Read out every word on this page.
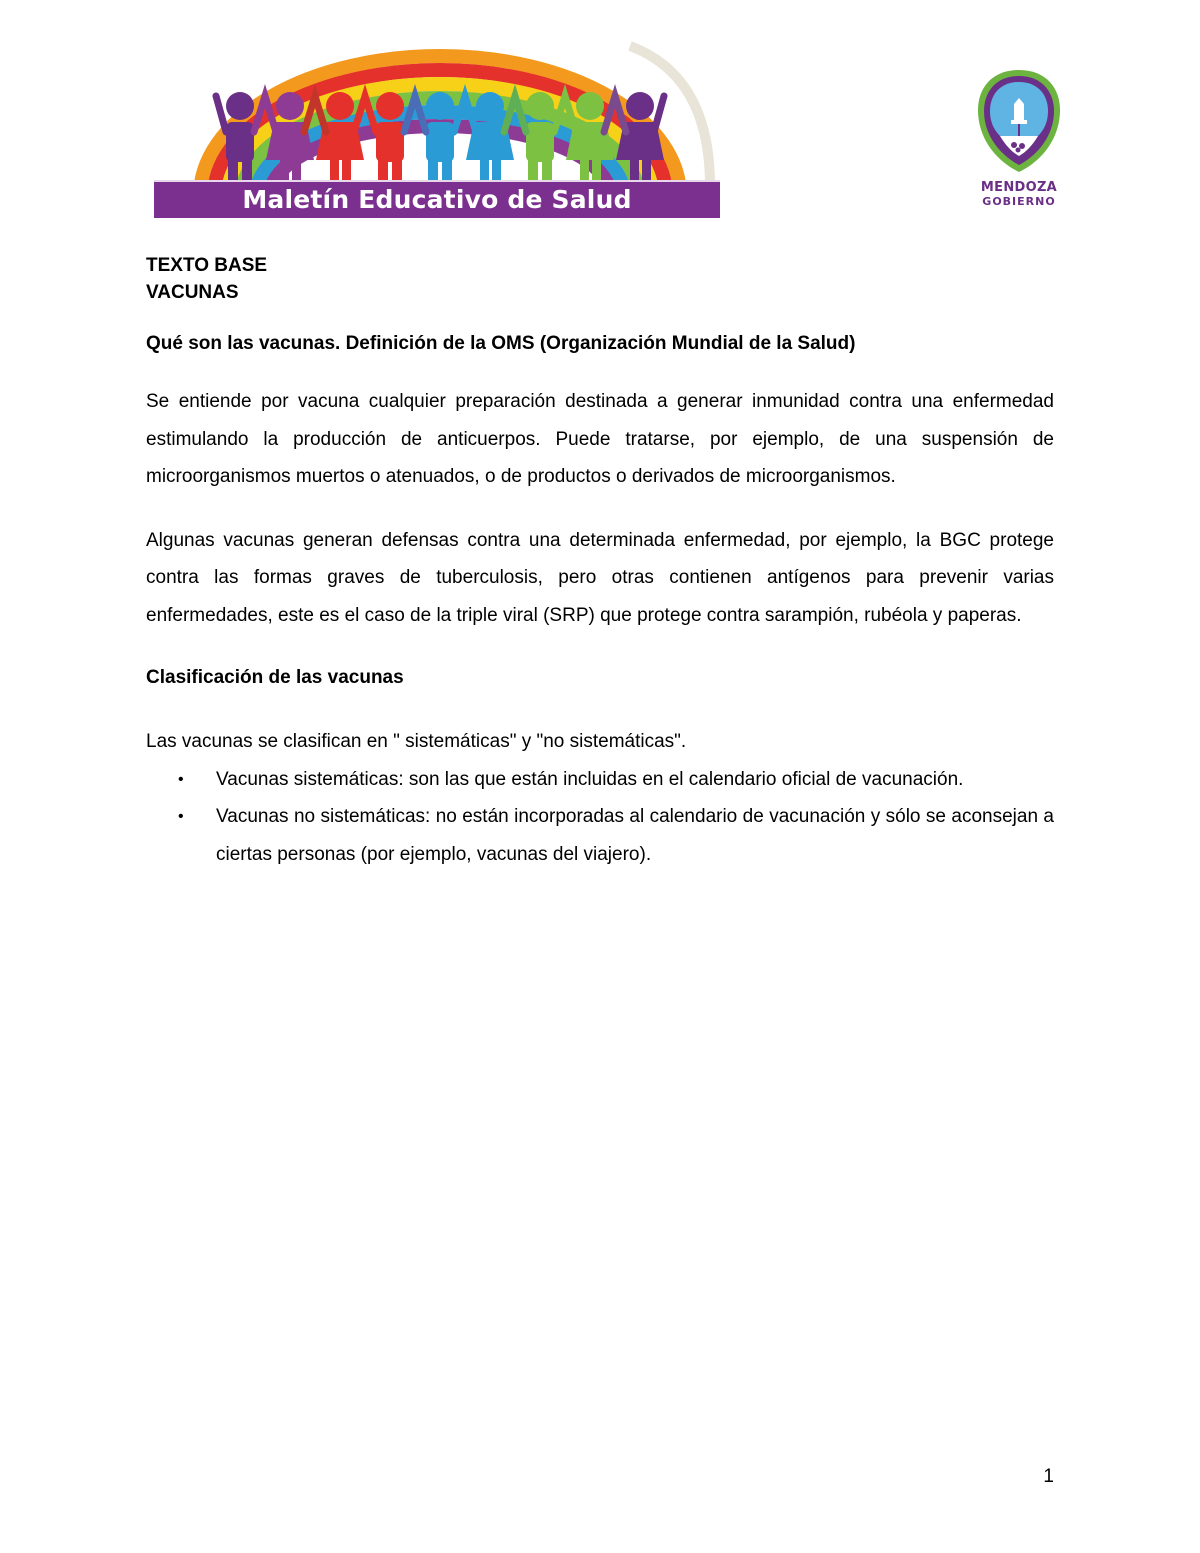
Maletín Educativo de Salud	MENDOZA
GOBIERNO

TEXTO BASE

VACUNAS

Qué son las vacunas. Definición de la OMS (Organización Mundial de la Salud)

Se entiende por vacuna cualquier preparación destinada a generar inmunidad contra una enfermedad estimulando la producción de anticuerpos. Puede tratarse, por ejemplo, de una suspensión de microorganismos muertos o atenuados, o de productos o derivados de microorganismos.

Algunas vacunas generan defensas contra una determinada enfermedad, por ejemplo, la BGC protege contra las formas graves de tuberculosis, pero otras contienen antígenos para prevenir varias enfermedades, este es el caso de la triple viral (SRP) que protege contra sarampión, rubéola y paperas.

Clasificación de las vacunas

Las vacunas se clasifican en " sistemáticas" y "no sistemáticas".

• Vacunas sistemáticas: son las que están incluidas en el calendario oficial de vacunación.
• Vacunas no sistemáticas: no están incorporadas al calendario de vacunación y sólo se aconsejan a ciertas personas (por ejemplo, vacunas del viajero).
1
